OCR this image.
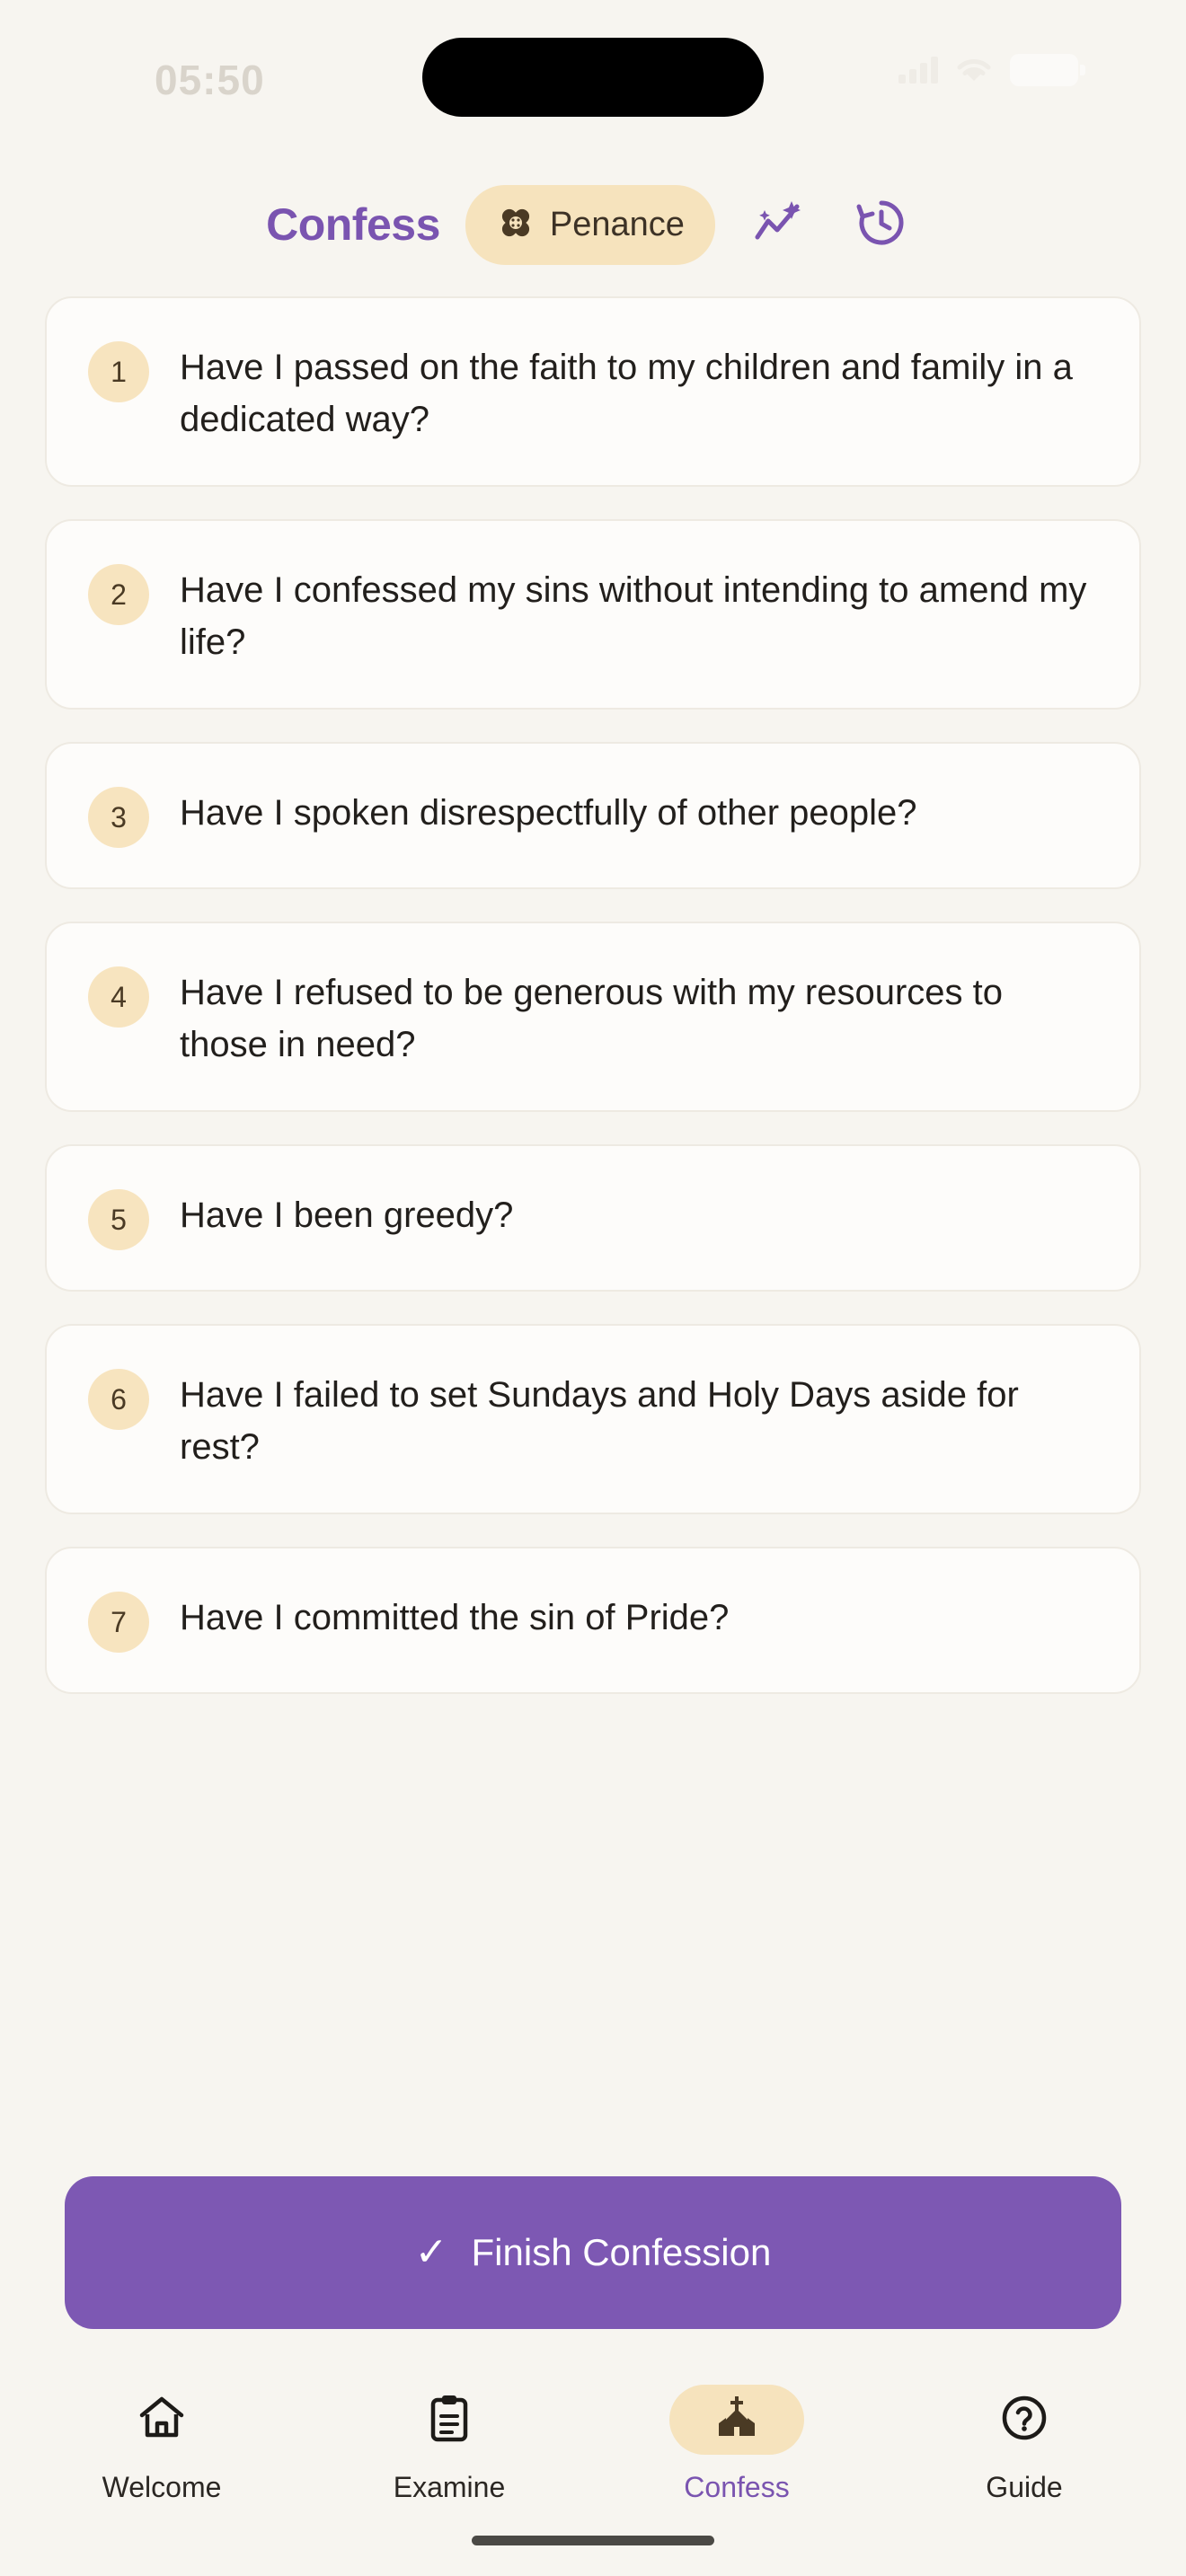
05:50
Confess	Penance
1	Have I passed on the faith to my children and family in a dedicated way?
2	Have I confessed my sins without intending to amend my life?
3	Have I spoken disrespectfully of other people?
4	Have I refused to be generous with my resources to those in need?
5	Have I been greedy?
6	Have I failed to set Sundays and Holy Days aside for rest?
7	Have I committed the sin of Pride?
✓ Finish Confession
Welcome	Examine	Confess	Guide
